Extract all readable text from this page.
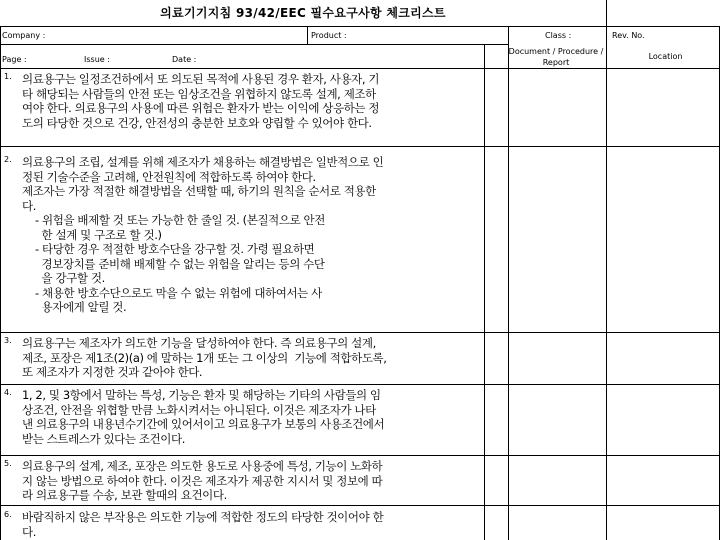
의료기기지침 93/42/EEC 필수요구사항 체크리스트
Company :	Product :	Class :	Rev. No.
Page :	Issue :	Date :
Document / Procedure /
Report
Location
1. 의료용구는 일정조건하에서 또 의도된 목적에 사용된 경우 환자, 사용자, 기
타 해당되는 사람들의 안전 또는 임상조건을 위협하지 않도록 설계, 제조하
여야 한다. 의료용구의 사용에 따른 위험은 환자가 받는 이익에 상응하는 정
도의 타당한 것으로 건강, 안전성의 충분한 보호와 양립할 수 있어야 한다.
2. 의료용구의 조립, 설계를 위해 제조자가 채용하는 해결방법은 일반적으로 인
정된 기술수준을 고려해, 안전원칙에 적합하도록 하여야 한다.
제조자는 가장 적절한 해결방법을 선택할 때, 하기의 원칙을 순서로 적용한
다.
- 위험을 배제할 것 또는 가능한 한 줄일 것. (본질적으로 안전
한 설계 및 구조로 할 것.)
- 타당한 경우 적절한 방호수단을 강구할 것. 가령 필요하면
경보장치를 준비해 배제할 수 없는 위험을 알리는 등의 수단
을 강구할 것.
- 채용한 방호수단으로도 막을 수 없는 위험에 대하여서는 사
용자에게 알릴 것.
3. 의료용구는 제조자가 의도한 기능을 달성하여야 한다. 즉 의료용구의 설계,
제조, 포장은 제1조(2)(a) 에 말하는 1개 또는 그 이상의  기능에 적합하도록,
또 제조자가 지정한 것과 같아야 한다.
4. 1, 2, 및 3항에서 말하는 특성, 기능은 환자 및 해당하는 기타의 사람들의 임
상조건, 안전을 위협할 만큼 노화시켜서는 아니된다. 이것은 제조자가 나타
낸 의료용구의 내용년수기간에 있어서이고 의료용구가 보통의 사용조건에서
받는 스트레스가 있다는 조건이다.
5. 의료용구의 설계, 제조, 포장은 의도한 용도로 사용중에 특성, 기능이 노화하
지 않는 방법으로 하여야 한다. 이것은 제조자가 제공한 지시서 및 정보에 따
라 의료용구를 수송, 보관 할때의 요건이다.
6. 바람직하지 않은 부작용은 의도한 기능에 적합한 정도의 타당한 것이어야 한
다.
